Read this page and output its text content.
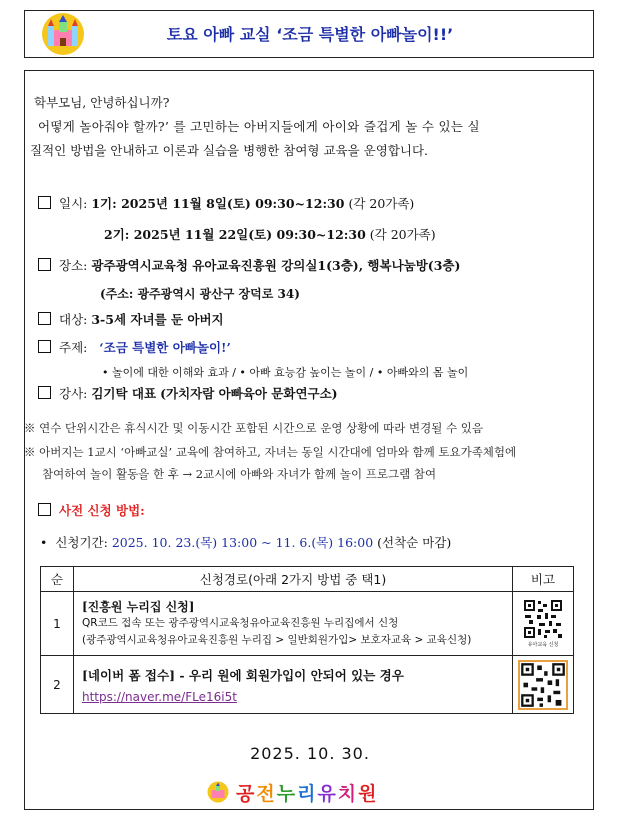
토요 아빠 교실 ‘조금 특별한 아빠놀이!!’
학부모님, 안녕하십니까?
어떻게 놀아줘야 할까?’ 를 고민하는 아버지들에게 아이와 즐겁게 놀 수 있는 실
질적인 방법을 안내하고 이론과 실습을 병행한 참여형 교육을 운영합니다.
일시: 1기: 2025년 11월 8일(토) 09:30~12:30 (각 20가족)
2기: 2025년 11월 22일(토) 09:30~12:30 (각 20가족)
장소: 광주광역시교육청 유아교육진흥원 강의실1(3층), 행복나눔방(3층)
(주소: 광주광역시 광산구 장덕로 34)
대상: 3-5세 자녀를 둔 아버지
주제: ‘조금 특별한 아빠놀이!’
• 놀이에 대한 이해와 효과 / • 아빠 효능감 높이는 놀이 / • 아빠와의 몸 놀이
강사: 김기탁 대표 (가치자람 아빠육아 문화연구소)
※ 연수 단위시간은 휴식시간 및 이동시간 포함된 시간으로 운영 상황에 따라 변경될 수 있음
※ 아버지는 1교시 ‘아빠교실’ 교육에 참여하고, 자녀는 동일 시간대에 엄마와 함께 토요가족체험에
참여하여 놀이 활동을 한 후 → 2교시에 아빠와 자녀가 함께 놀이 프로그램 참여
사전 신청 방법:
•  신청기간: 2025. 10. 23.(목) 13:00 ~ 11. 6.(목) 16:00 (선착순 마감)
순	신청경로(아래 2가지 방법 중 택1)	비고
1	[진흥원 누리집 신청]
QR코드 접속 또는 광주광역시교육청유아교육진흥원 누리집에서 신청
(광주광역시교육청유아교육진흥원 누리집 > 일반회원가입> 보호자교육 > 교육신청)	유아교육 신청

2	[네이버 폼 접수] - 우리 원에 회원가입이 안되어 있는 경우
https://naver.me/FLe16i5t

2025. 10. 30.
공전누리유치원
